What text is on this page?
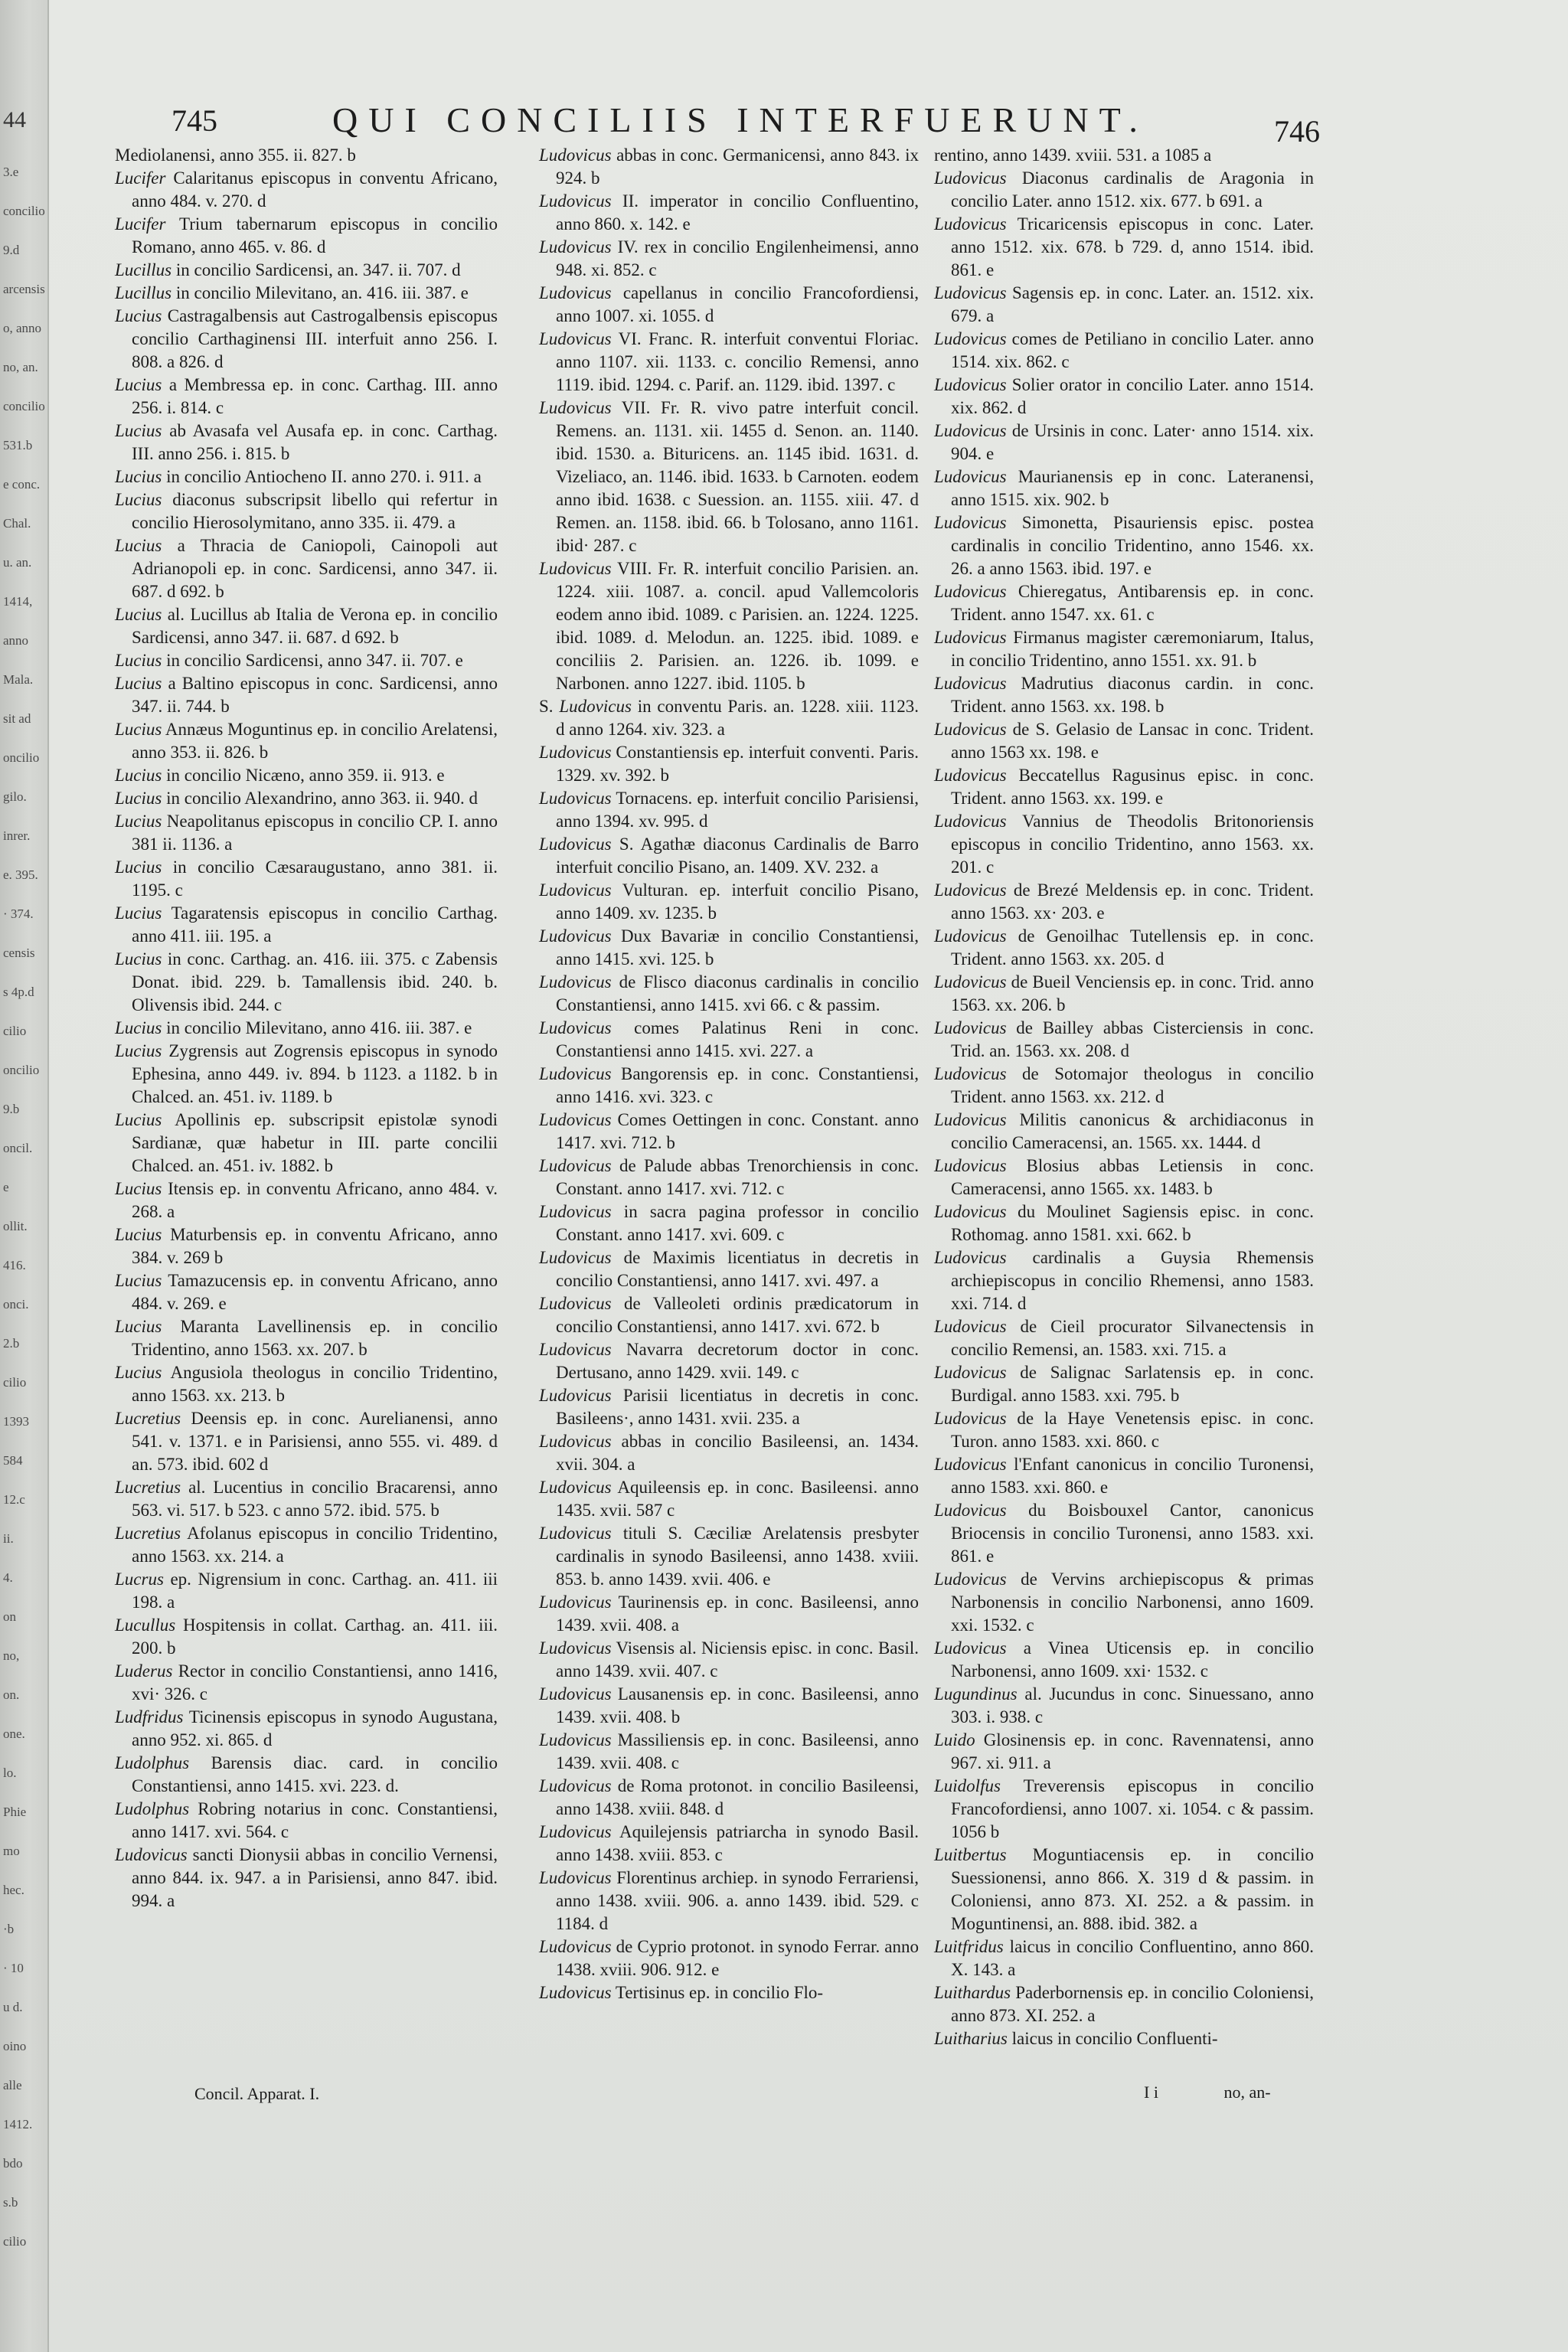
44
3.e
concilio
9.d
arcensis
o, anno
no, an.
concilio
531.b
e conc.
Chal.
u. an.
1414,
anno
Mala.
sit ad
oncilio
gilo.
inrer.
e. 395.
· 374.
censis
s 4p.d
cilio
oncilio
9.b
oncil.
e
ollit.
416.
onci.
2.b
cilio
1393
584
12.c
ii.
4.
on
no,
on.
one.
lo.
Phie
mo
hec.
·b
· 10
u d.
oino
alle
1412.
bdo
s.b
cilio
745	QUI CONCILIIS INTERFUERUNT.	746
Mediolanensi, anno 355. ii. 827. b
Lucifer Calaritanus episcopus in conventu Africano, anno 484. v. 270. d
Lucifer Trium tabernarum episcopus in concilio Romano, anno 465. v. 86. d
Lucillus in concilio Sardicensi, an. 347. ii. 707. d
Lucillus in concilio Milevitano, an. 416. iii. 387. e
Lucius Castragalbensis aut Castrogalbensis episcopus concilio Carthaginensi III. interfuit anno 256. I. 808. a 826. d
Lucius a Membressa ep. in conc. Carthag. III. anno 256. i. 814. c
Lucius ab Avasafa vel Ausafa ep. in conc. Carthag. III. anno 256. i. 815. b
Lucius in concilio Antiocheno II. anno 270. i. 911. a
Lucius diaconus subscripsit libello qui refertur in concilio Hierosolymitano, anno 335. ii. 479. a
Lucius a Thracia de Caniopoli, Cainopoli aut Adrianopoli ep. in conc. Sardicensi, anno 347. ii. 687. d 692. b
Lucius al. Lucillus ab Italia de Verona ep. in concilio Sardicensi, anno 347. ii. 687. d 692. b
Lucius in concilio Sardicensi, anno 347. ii. 707. e
Lucius a Baltino episcopus in conc. Sardicensi, anno 347. ii. 744. b
Lucius Annæus Moguntinus ep. in concilio Arelatensi, anno 353. ii. 826. b
Lucius in concilio Nicæno, anno 359. ii. 913. e
Lucius in concilio Alexandrino, anno 363. ii. 940. d
Lucius Neapolitanus episcopus in concilio CP. I. anno 381 ii. 1136. a
Lucius in concilio Cæsaraugustano, anno 381. ii. 1195. c
Lucius Tagaratensis episcopus in concilio Carthag. anno 411. iii. 195. a
Lucius in conc. Carthag. an. 416. iii. 375. c Zabensis Donat. ibid. 229. b. Tamallensis ibid. 240. b. Olivensis ibid. 244. c
Lucius in concilio Milevitano, anno 416. iii. 387. e
Lucius Zygrensis aut Zogrensis episcopus in synodo Ephesina, anno 449. iv. 894. b 1123. a 1182. b in Chalced. an. 451. iv. 1189. b
Lucius Apollinis ep. subscripsit epistolæ synodi Sardianæ, quæ habetur in III. parte concilii Chalced. an. 451. iv. 1882. b
Lucius Itensis ep. in conventu Africano, anno 484. v. 268. a
Lucius Maturbensis ep. in conventu Africano, anno 384. v. 269 b
Lucius Tamazucensis ep. in conventu Africano, anno 484. v. 269. e
Lucius Maranta Lavellinensis ep. in concilio Tridentino, anno 1563. xx. 207. b
Lucius Angusiola theologus in concilio Tridentino, anno 1563. xx. 213. b
Lucretius Deensis ep. in conc. Aurelianensi, anno 541. v. 1371. e in Parisiensi, anno 555. vi. 489. d an. 573. ibid. 602 d
Lucretius al. Lucentius in concilio Bracarensi, anno 563. vi. 517. b 523. c anno 572. ibid. 575. b
Lucretius Afolanus episcopus in concilio Tridentino, anno 1563. xx. 214. a
Lucrus ep. Nigrensium in conc. Carthag. an. 411. iii 198. a
Lucullus Hospitensis in collat. Carthag. an. 411. iii. 200. b
Luderus Rector in concilio Constantiensi, anno 1416, xvi· 326. c
Ludfridus Ticinensis episcopus in synodo Augustana, anno 952. xi. 865. d
Ludolphus Barensis diac. card. in concilio Constantiensi, anno 1415. xvi. 223. d.
Ludolphus Robring notarius in conc. Constantiensi, anno 1417. xvi. 564. c
Ludovicus sancti Dionysii abbas in concilio Vernensi, anno 844. ix. 947. a in Parisiensi, anno 847. ibid. 994. a
Ludovicus abbas in conc. Germanicensi, anno 843. ix 924. b
Ludovicus II. imperator in concilio Confluentino, anno 860. x. 142. e
Ludovicus IV. rex in concilio Engilenheimensi, anno 948. xi. 852. c
Ludovicus capellanus in concilio Francofordiensi, anno 1007. xi. 1055. d
Ludovicus VI. Franc. R. interfuit conventui Floriac. anno 1107. xii. 1133. c. concilio Remensi, anno 1119. ibid. 1294. c. Parif. an. 1129. ibid. 1397. c
Ludovicus VII. Fr. R. vivo patre interfuit concil. Remens. an. 1131. xii. 1455 d. Senon. an. 1140. ibid. 1530. a. Bituricens. an. 1145 ibid. 1631. d. Vizeliaco, an. 1146. ibid. 1633. b Carnoten. eodem anno ibid. 1638. c Suession. an. 1155. xiii. 47. d Remen. an. 1158. ibid. 66. b Tolosano, anno 1161. ibid· 287. c
Ludovicus VIII. Fr. R. interfuit concilio Parisien. an. 1224. xiii. 1087. a. concil. apud Vallemcoloris eodem anno ibid. 1089. c Parisien. an. 1224. 1225. ibid. 1089. d. Melodun. an. 1225. ibid. 1089. e conciliis 2. Parisien. an. 1226. ib. 1099. e Narbonen. anno 1227. ibid. 1105. b
S. Ludovicus in conventu Paris. an. 1228. xiii. 1123. d anno 1264. xiv. 323. a
Ludovicus Constantiensis ep. interfuit conventi. Paris. 1329. xv. 392. b
Ludovicus Tornacens. ep. interfuit concilio Parisiensi, anno 1394. xv. 995. d
Ludovicus S. Agathæ diaconus Cardinalis de Barro interfuit concilio Pisano, an. 1409. XV. 232. a
Ludovicus Vulturan. ep. interfuit concilio Pisano, anno 1409. xv. 1235. b
Ludovicus Dux Bavariæ in concilio Constantiensi, anno 1415. xvi. 125. b
Ludovicus de Flisco diaconus cardinalis in concilio Constantiensi, anno 1415. xvi 66. c & passim.
Ludovicus comes Palatinus Reni in conc. Constantiensi anno 1415. xvi. 227. a
Ludovicus Bangorensis ep. in conc. Constantiensi, anno 1416. xvi. 323. c
Ludovicus Comes Oettingen in conc. Constant. anno 1417. xvi. 712. b
Ludovicus de Palude abbas Trenorchiensis in conc. Constant. anno 1417. xvi. 712. c
Ludovicus in sacra pagina professor in concilio Constant. anno 1417. xvi. 609. c
Ludovicus de Maximis licentiatus in decretis in concilio Constantiensi, anno 1417. xvi. 497. a
Ludovicus de Valleoleti ordinis prædicatorum in concilio Constantiensi, anno 1417. xvi. 672. b
Ludovicus Navarra decretorum doctor in conc. Dertusano, anno 1429. xvii. 149. c
Ludovicus Parisii licentiatus in decretis in conc. Basileens·, anno 1431. xvii. 235. a
Ludovicus abbas in concilio Basileensi, an. 1434. xvii. 304. a
Ludovicus Aquileensis ep. in conc. Basileensi. anno 1435. xvii. 587 c
Ludovicus tituli S. Cæciliæ Arelatensis presbyter cardinalis in synodo Basileensi, anno 1438. xviii. 853. b. anno 1439. xvii. 406. e
Ludovicus Taurinensis ep. in conc. Basileensi, anno 1439. xvii. 408. a
Ludovicus Visensis al. Niciensis episc. in conc. Basil. anno 1439. xvii. 407. c
Ludovicus Lausanensis ep. in conc. Basileensi, anno 1439. xvii. 408. b
Ludovicus Massiliensis ep. in conc. Basileensi, anno 1439. xvii. 408. c
Ludovicus de Roma protonot. in concilio Basileensi, anno 1438. xviii. 848. d
Ludovicus Aquilejensis patriarcha in synodo Basil. anno 1438. xviii. 853. c
Ludovicus Florentinus archiep. in synodo Ferrariensi, anno 1438. xviii. 906. a. anno 1439. ibid. 529. c 1184. d
Ludovicus de Cyprio protonot. in synodo Ferrar. anno 1438. xviii. 906. 912. e
Ludovicus Tertisinus ep. in concilio Flo-
rentino, anno 1439. xviii. 531. a 1085 a
Ludovicus Diaconus cardinalis de Aragonia in concilio Later. anno 1512. xix. 677. b 691. a
Ludovicus Tricaricensis episcopus in conc. Later. anno 1512. xix. 678. b 729. d, anno 1514. ibid. 861. e
Ludovicus Sagensis ep. in conc. Later. an. 1512. xix. 679. a
Ludovicus comes de Petiliano in concilio Later. anno 1514. xix. 862. c
Ludovicus Solier orator in concilio Later. anno 1514. xix. 862. d
Ludovicus de Ursinis in conc. Later· anno 1514. xix. 904. e
Ludovicus Maurianensis ep in conc. Lateranensi, anno 1515. xix. 902. b
Ludovicus Simonetta, Pisauriensis episc. postea cardinalis in concilio Tridentino, anno 1546. xx. 26. a anno 1563. ibid. 197. e
Ludovicus Chieregatus, Antibarensis ep. in conc. Trident. anno 1547. xx. 61. c
Ludovicus Firmanus magister cæremoniarum, Italus, in concilio Tridentino, anno 1551. xx. 91. b
Ludovicus Madrutius diaconus cardin. in conc. Trident. anno 1563. xx. 198. b
Ludovicus de S. Gelasio de Lansac in conc. Trident. anno 1563 xx. 198. e
Ludovicus Beccatellus Ragusinus episc. in conc. Trident. anno 1563. xx. 199. e
Ludovicus Vannius de Theodolis Britonoriensis episcopus in concilio Tridentino, anno 1563. xx. 201. c
Ludovicus de Brezé Meldensis ep. in conc. Trident. anno 1563. xx· 203. e
Ludovicus de Genoilhac Tutellensis ep. in conc. Trident. anno 1563. xx. 205. d
Ludovicus de Bueil Venciensis ep. in conc. Trid. anno 1563. xx. 206. b
Ludovicus de Bailley abbas Cisterciensis in conc. Trid. an. 1563. xx. 208. d
Ludovicus de Sotomajor theologus in concilio Trident. anno 1563. xx. 212. d
Ludovicus Militis canonicus & archidiaconus in concilio Cameracensi, an. 1565. xx. 1444. d
Ludovicus Blosius abbas Letiensis in conc. Cameracensi, anno 1565. xx. 1483. b
Ludovicus du Moulinet Sagiensis episc. in conc. Rothomag. anno 1581. xxi. 662. b
Ludovicus cardinalis a Guysia Rhemensis archiepiscopus in concilio Rhemensi, anno 1583. xxi. 714. d
Ludovicus de Cieil procurator Silvanectensis in concilio Remensi, an. 1583. xxi. 715. a
Ludovicus de Salignac Sarlatensis ep. in conc. Burdigal. anno 1583. xxi. 795. b
Ludovicus de la Haye Venetensis episc. in conc. Turon. anno 1583. xxi. 860. c
Ludovicus l'Enfant canonicus in concilio Turonensi, anno 1583. xxi. 860. e
Ludovicus du Boisbouxel Cantor, canonicus Briocensis in concilio Turonensi, anno 1583. xxi. 861. e
Ludovicus de Vervins archiepiscopus & primas Narbonensis in concilio Narbonensi, anno 1609. xxi. 1532. c
Ludovicus a Vinea Uticensis ep. in concilio Narbonensi, anno 1609. xxi· 1532. c
Lugundinus al. Jucundus in conc. Sinuessano, anno 303. i. 938. c
Luido Glosinensis ep. in conc. Ravennatensi, anno 967. xi. 911. a
Luidolfus Treverensis episcopus in concilio Francofordiensi, anno 1007. xi. 1054. c & passim. 1056 b
Luitbertus Moguntiacensis ep. in concilio Suessionensi, anno 866. X. 319 d & passim. in Coloniensi, anno 873. XI. 252. a & passim. in Moguntinensi, an. 888. ibid. 382. a
Luitfridus laicus in concilio Confluentino, anno 860. X. 143. a
Luithardus Paderbornensis ep. in concilio Coloniensi, anno 873. XI. 252. a
Luitharius laicus in concilio Confluenti-
Concil. Apparat. I.	I i	no, an-
